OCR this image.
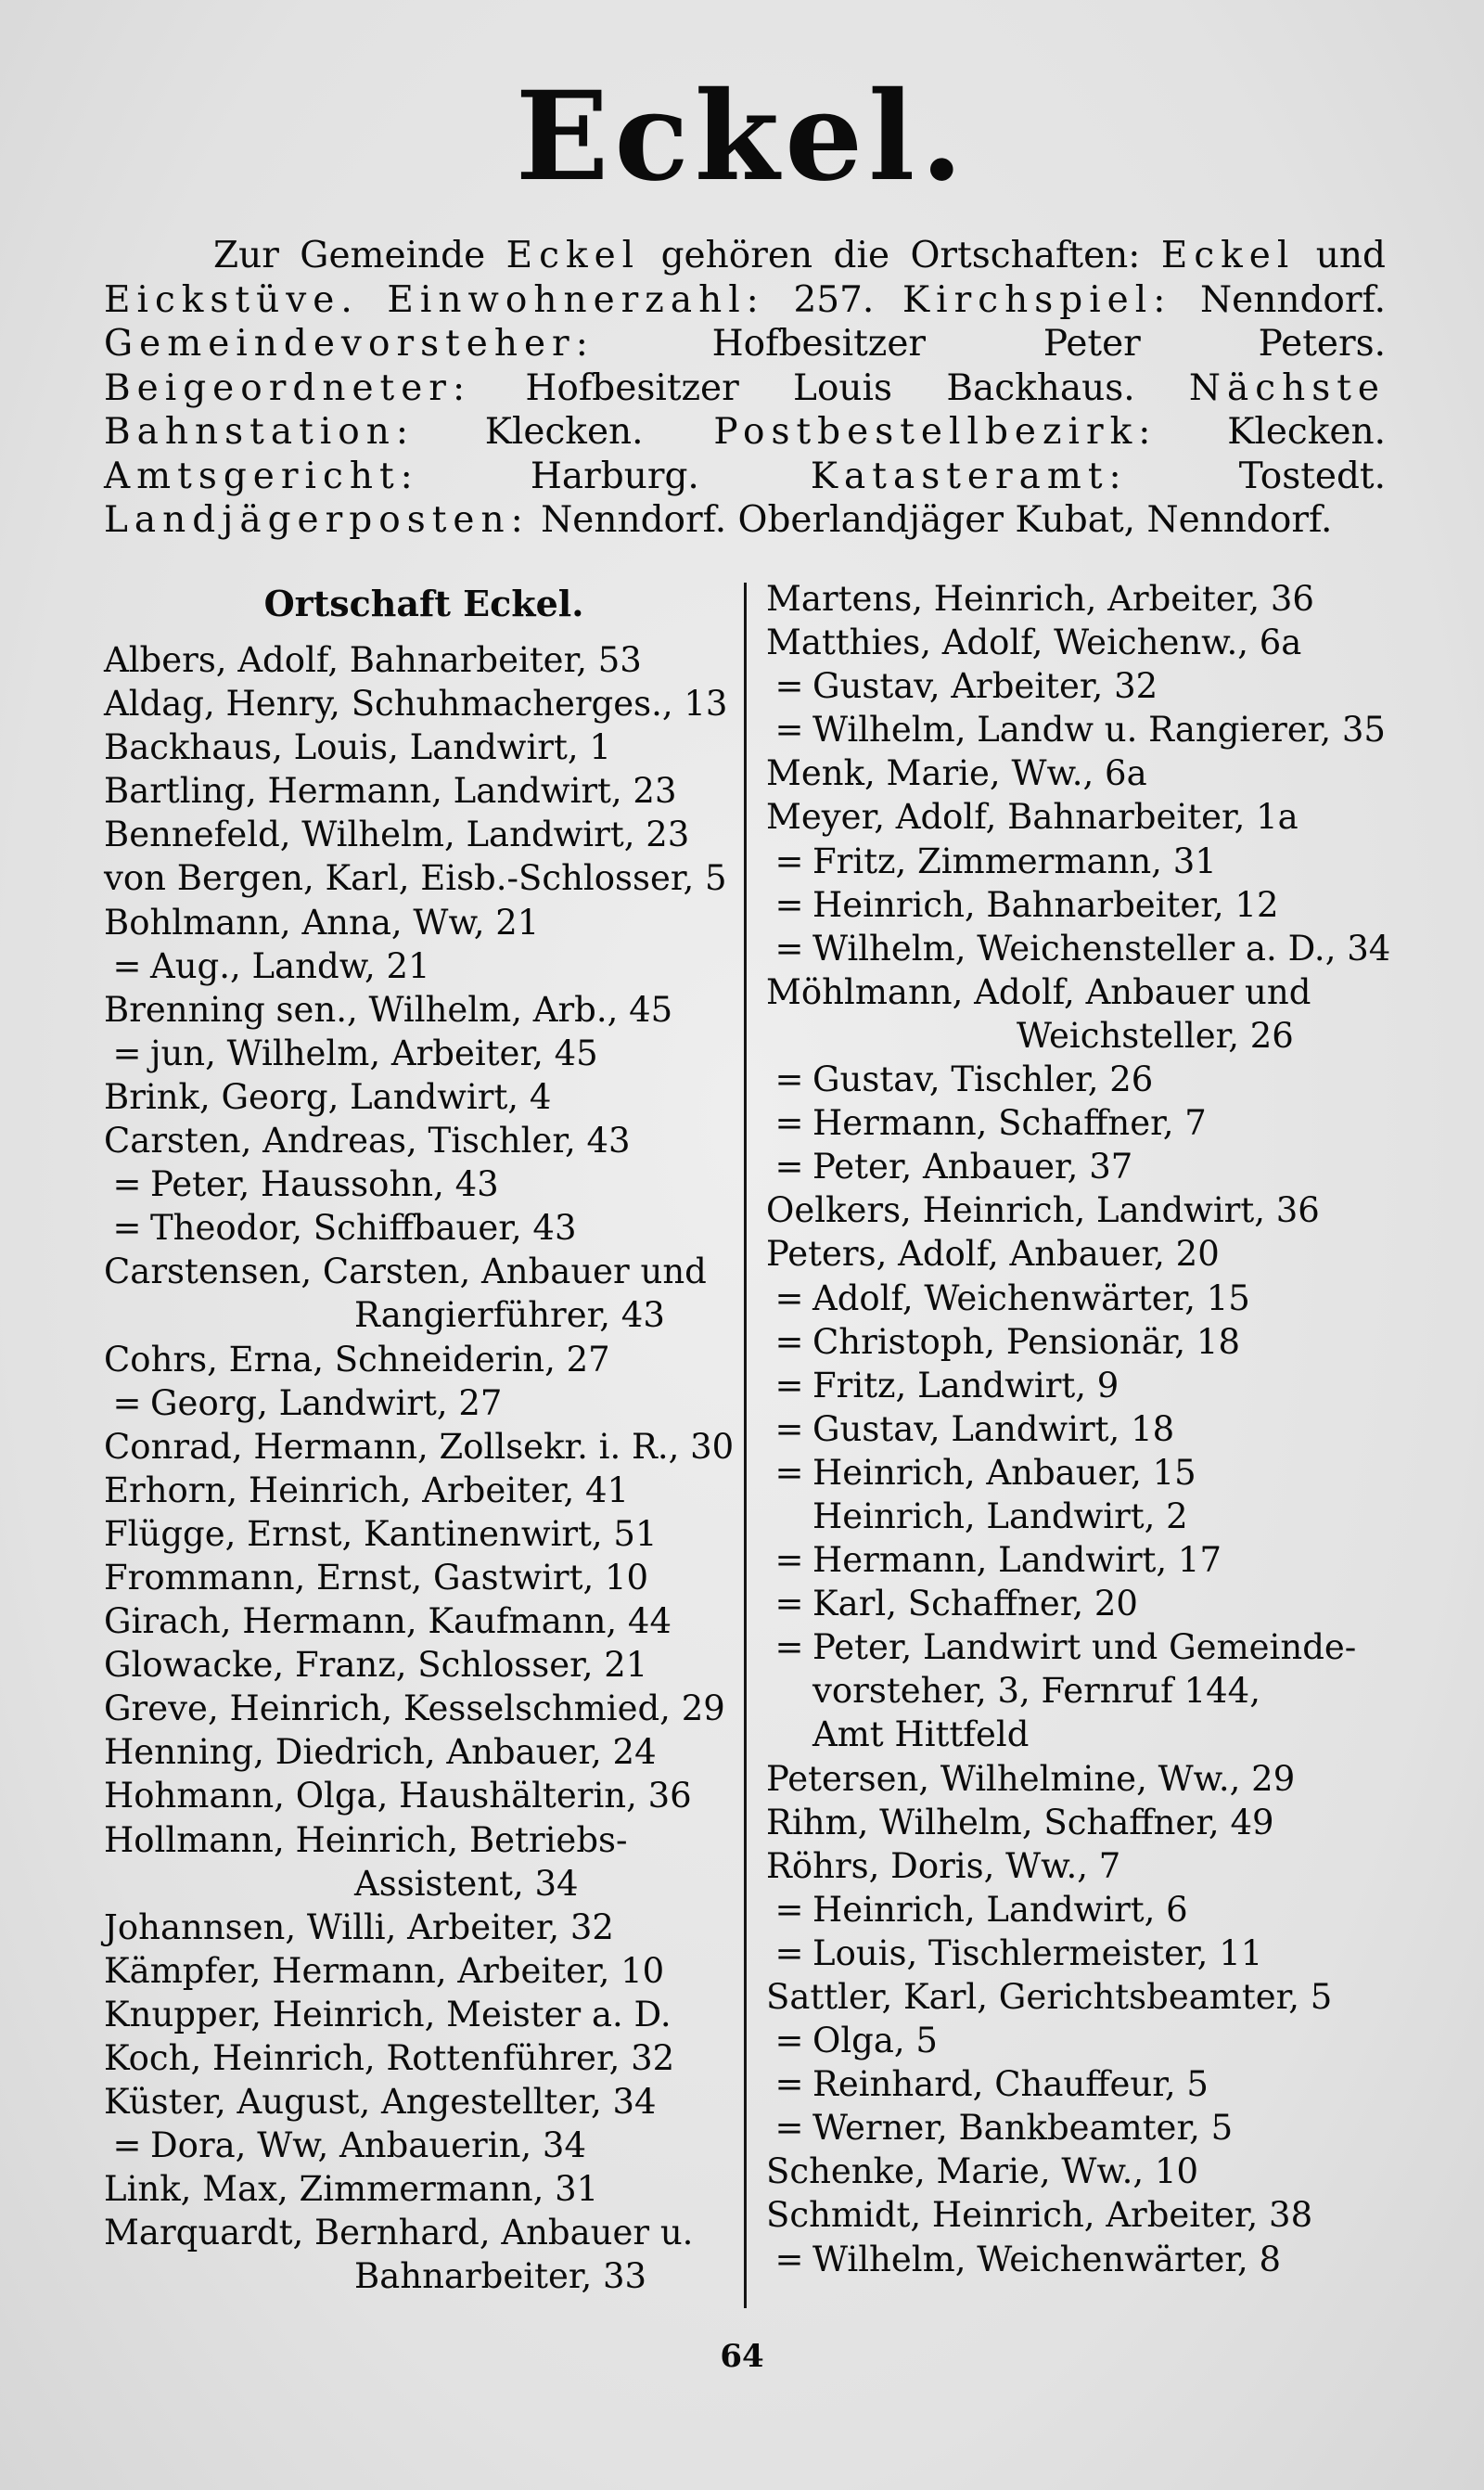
Eckel.

Zur Gemeinde Eckel gehören die Ortschaften: Eckel und Eickstüve. Einwohnerzahl: 257. Kirchspiel: Nenndorf. Gemeindevorsteher: Hofbesitzer Peter Peters. Beigeordneter: Hofbesitzer Louis Backhaus. Nächste Bahnstation: Klecken. Postbestellbezirk: Klecken. Amtsgericht: Harburg. Katasteramt: Tostedt. Landjägerposten: Nenndorf. Oberlandjäger Kubat, Nenndorf.

Ortschaft Eckel.
Albers, Adolf, Bahnarbeiter, 53
Aldag, Henry, Schuhmacherges., 13
Backhaus, Louis, Landwirt, 1
Bartling, Hermann, Landwirt, 23
Bennefeld, Wilhelm, Landwirt, 23
von Bergen, Karl, Eisb.-Schlosser, 5
Bohlmann, Anna, Ww, 21
= Aug., Landw, 21
Brenning sen., Wilhelm, Arb., 45
= jun, Wilhelm, Arbeiter, 45
Brink, Georg, Landwirt, 4
Carsten, Andreas, Tischler, 43
= Peter, Haussohn, 43
= Theodor, Schiffbauer, 43
Carstensen, Carsten, Anbauer und
Rangierführer, 43
Cohrs, Erna, Schneiderin, 27
= Georg, Landwirt, 27
Conrad, Hermann, Zollsekr. i. R., 30
Erhorn, Heinrich, Arbeiter, 41
Flügge, Ernst, Kantinenwirt, 51
Frommann, Ernst, Gastwirt, 10
Girach, Hermann, Kaufmann, 44
Glowacke, Franz, Schlosser, 21
Greve, Heinrich, Kesselschmied, 29
Henning, Diedrich, Anbauer, 24
Hohmann, Olga, Haushälterin, 36
Hollmann, Heinrich, Betriebs-
Assistent, 34
Johannsen, Willi, Arbeiter, 32
Kämpfer, Hermann, Arbeiter, 10
Knupper, Heinrich, Meister a. D.
Koch, Heinrich, Rottenführer, 32
Küster, August, Angestellter, 34
= Dora, Ww, Anbauerin, 34
Link, Max, Zimmermann, 31
Marquardt, Bernhard, Anbauer u.
Bahnarbeiter, 33
Martens, Heinrich, Arbeiter, 36
Matthies, Adolf, Weichenw., 6a
= Gustav, Arbeiter, 32
= Wilhelm, Landw u. Rangierer, 35
Menk, Marie, Ww., 6a
Meyer, Adolf, Bahnarbeiter, 1a
= Fritz, Zimmermann, 31
= Heinrich, Bahnarbeiter, 12
= Wilhelm, Weichensteller a. D., 34
Möhlmann, Adolf, Anbauer und
Weichsteller, 26
= Gustav, Tischler, 26
= Hermann, Schaffner, 7
= Peter, Anbauer, 37
Oelkers, Heinrich, Landwirt, 36
Peters, Adolf, Anbauer, 20
= Adolf, Weichenwärter, 15
= Christoph, Pensionär, 18
= Fritz, Landwirt, 9
= Gustav, Landwirt, 18
= Heinrich, Anbauer, 15
Heinrich, Landwirt, 2
= Hermann, Landwirt, 17
= Karl, Schaffner, 20
= Peter, Landwirt und Gemeinde-
vorsteher, 3, Fernruf 144,
Amt Hittfeld
Petersen, Wilhelmine, Ww., 29
Rihm, Wilhelm, Schaffner, 49
Röhrs, Doris, Ww., 7
= Heinrich, Landwirt, 6
= Louis, Tischlermeister, 11
Sattler, Karl, Gerichtsbeamter, 5
= Olga, 5
= Reinhard, Chauffeur, 5
= Werner, Bankbeamter, 5
Schenke, Marie, Ww., 10
Schmidt, Heinrich, Arbeiter, 38
= Wilhelm, Weichenwärter, 8
64
